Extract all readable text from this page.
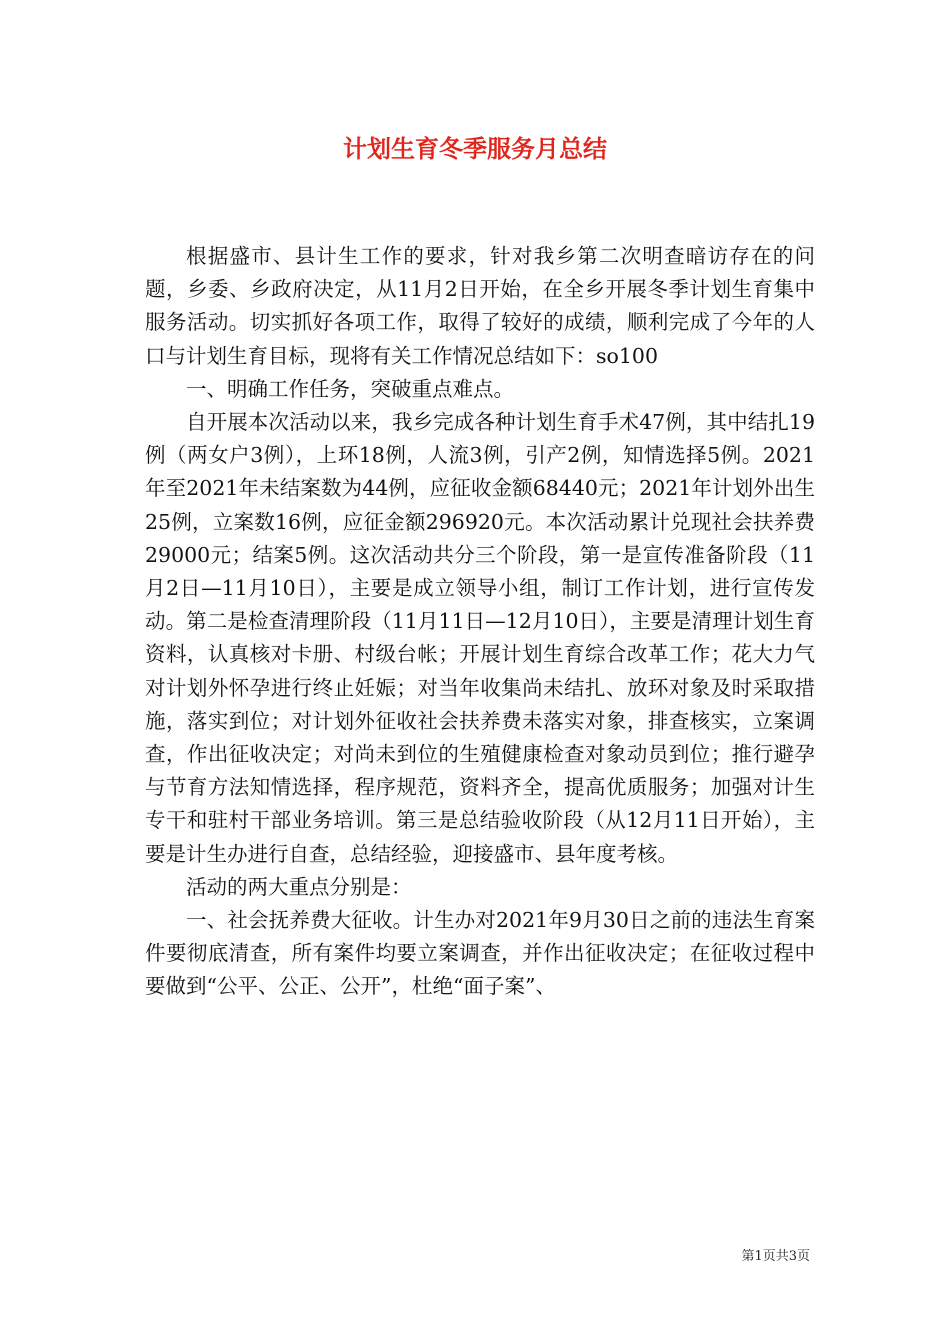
计划生育冬季服务月总结

根据盛市、县计生工作的要求，针对我乡第二次明查暗访存在的问题，乡委、乡政府决定，从11月2日开始，在全乡开展冬季计划生育集中服务活动。切实抓好各项工作，取得了较好的成绩，顺利完成了今年的人口与计划生育目标，现将有关工作情况总结如下：so100

一、明确工作任务，突破重点难点。

自开展本次活动以来，我乡完成各种计划生育手术47例，其中结扎19例（两女户3例），上环18例，人流3例，引产2例，知情选择5例。2021年至2021年未结案数为44例，应征收金额68440元；2021年计划外出生25例，立案数16例，应征金额296920元。本次活动累计兑现社会扶养费29000元；结案5例。这次活动共分三个阶段，第一是宣传准备阶段（11月2日—11月10日），主要是成立领导小组，制订工作计划，进行宣传发动。第二是检查清理阶段（11月11日—12月10日），主要是清理计划生育资料，认真核对卡册、村级台帐；开展计划生育综合改革工作；花大力气对计划外怀孕进行终止妊娠；对当年收集尚未结扎、放环对象及时采取措施，落实到位；对计划外征收社会扶养费未落实对象，排查核实，立案调查，作出征收决定；对尚未到位的生殖健康检查对象动员到位；推行避孕与节育方法知情选择，程序规范，资料齐全，提高优质服务；加强对计生专干和驻村干部业务培训。第三是总结验收阶段（从12月11日开始），主要是计生办进行自查，总结经验，迎接盛市、县年度考核。

活动的两大重点分别是：

一、社会抚养费大征收。计生办对2021年9月30日之前的违法生育案件要彻底清查，所有案件均要立案调查，并作出征收决定；在征收过程中要做到“公平、公正、公开”，杜绝“面子案”、

第1页共3页
